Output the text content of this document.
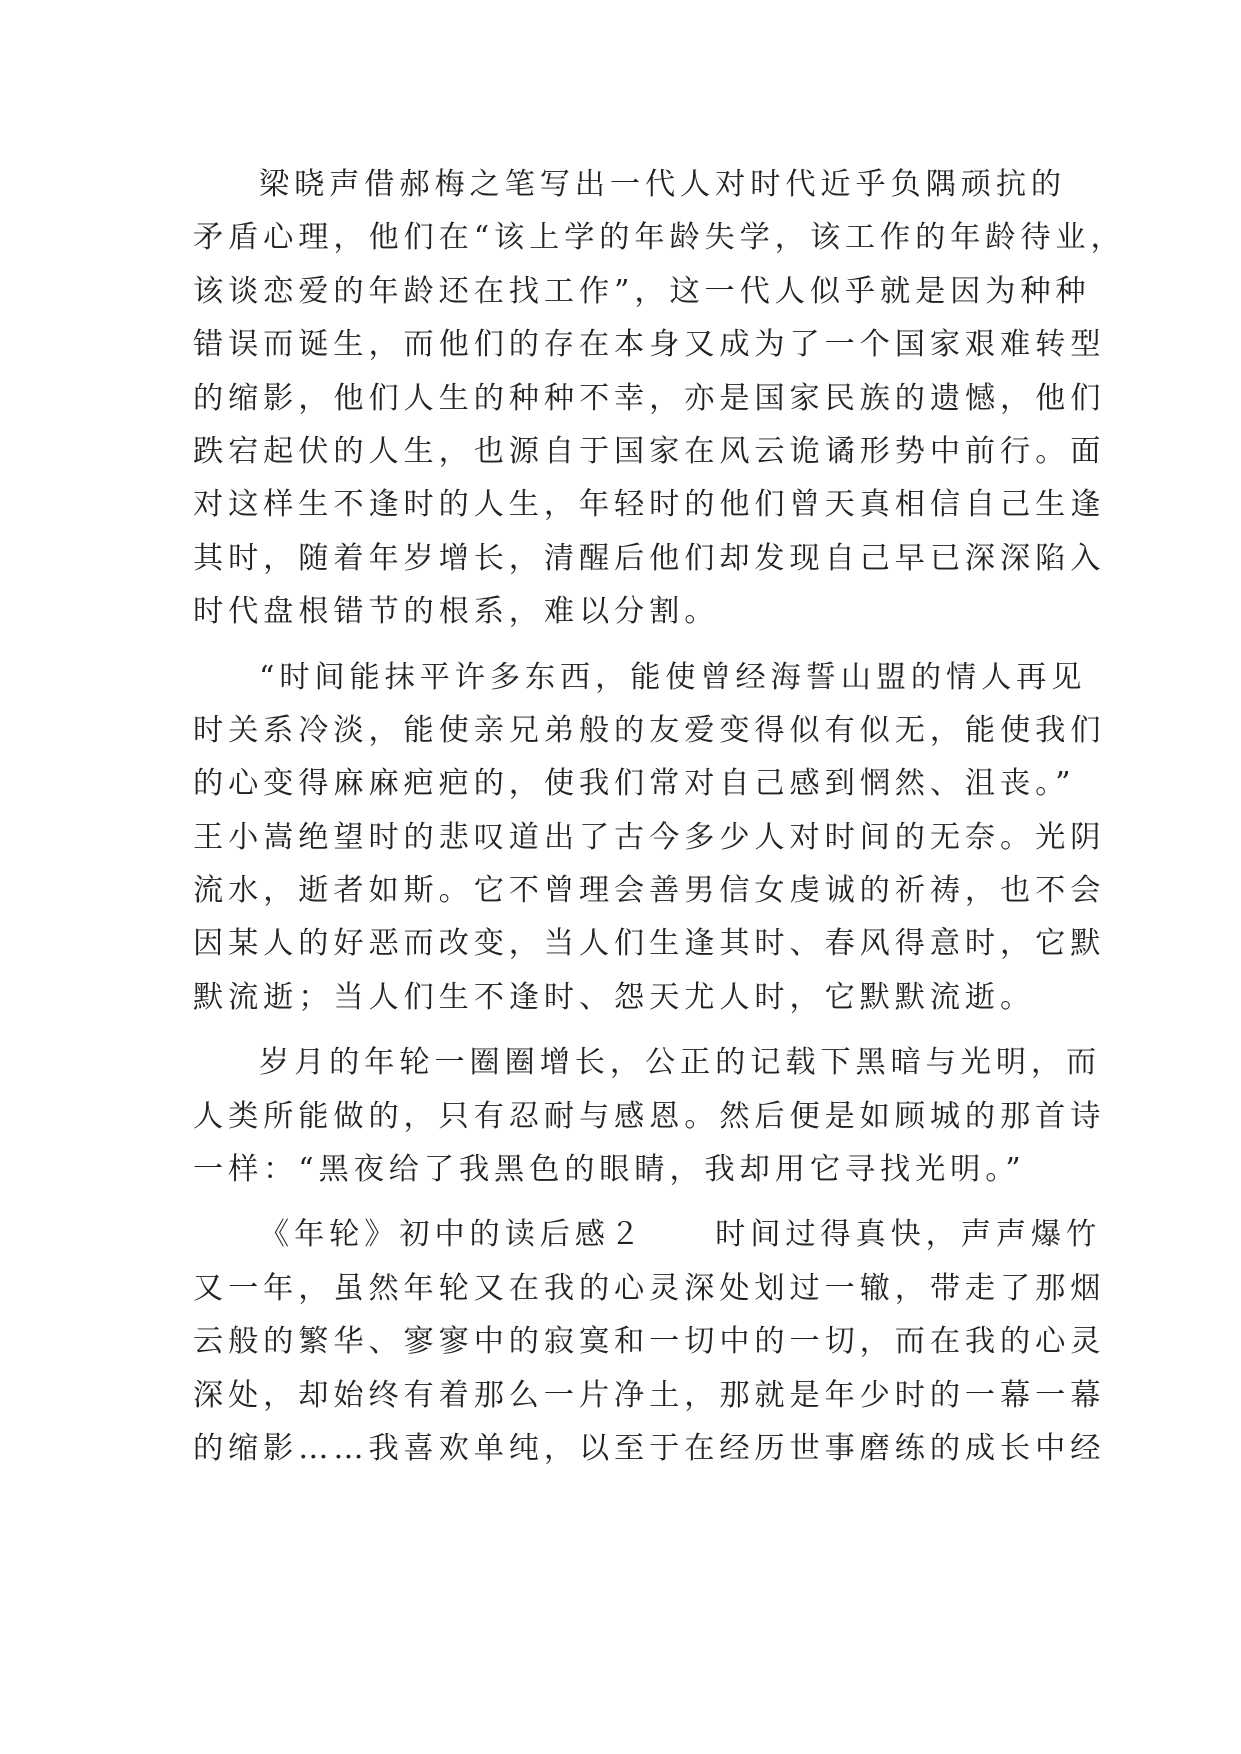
梁晓声借郝梅之笔写出一代人对时代近乎负隅顽抗的
矛盾心理，他们在“该上学的年龄失学，该工作的年龄待业，
该谈恋爱的年龄还在找工作”，这一代人似乎就是因为种种
错误而诞生，而他们的存在本身又成为了一个国家艰难转型
的缩影，他们人生的种种不幸，亦是国家民族的遗憾，他们
跌宕起伏的人生，也源自于国家在风云诡谲形势中前行。面
对这样生不逢时的人生，年轻时的他们曾天真相信自己生逢
其时，随着年岁增长，清醒后他们却发现自己早已深深陷入
时代盘根错节的根系，难以分割。
“时间能抹平许多东西，能使曾经海誓山盟的情人再见
时关系冷淡，能使亲兄弟般的友爱变得似有似无，能使我们
的心变得麻麻疤疤的，使我们常对自己感到惘然、沮丧。”
王小嵩绝望时的悲叹道出了古今多少人对时间的无奈。光阴
流水，逝者如斯。它不曾理会善男信女虔诚的祈祷，也不会
因某人的好恶而改变，当人们生逢其时、春风得意时，它默
默流逝；当人们生不逢时、怨天尤人时，它默默流逝。
岁月的年轮一圈圈增长，公正的记载下黑暗与光明，而
人类所能做的，只有忍耐与感恩。然后便是如顾城的那首诗
一样：“黑夜给了我黑色的眼睛，我却用它寻找光明。”
《年轮》初中的读后感２　　时间过得真快，声声爆竹
又一年，虽然年轮又在我的心灵深处划过一辙，带走了那烟
云般的繁华、寥寥中的寂寞和一切中的一切，而在我的心灵
深处，却始终有着那么一片净土，那就是年少时的一幕一幕
的缩影……我喜欢单纯，以至于在经历世事磨练的成长中经
